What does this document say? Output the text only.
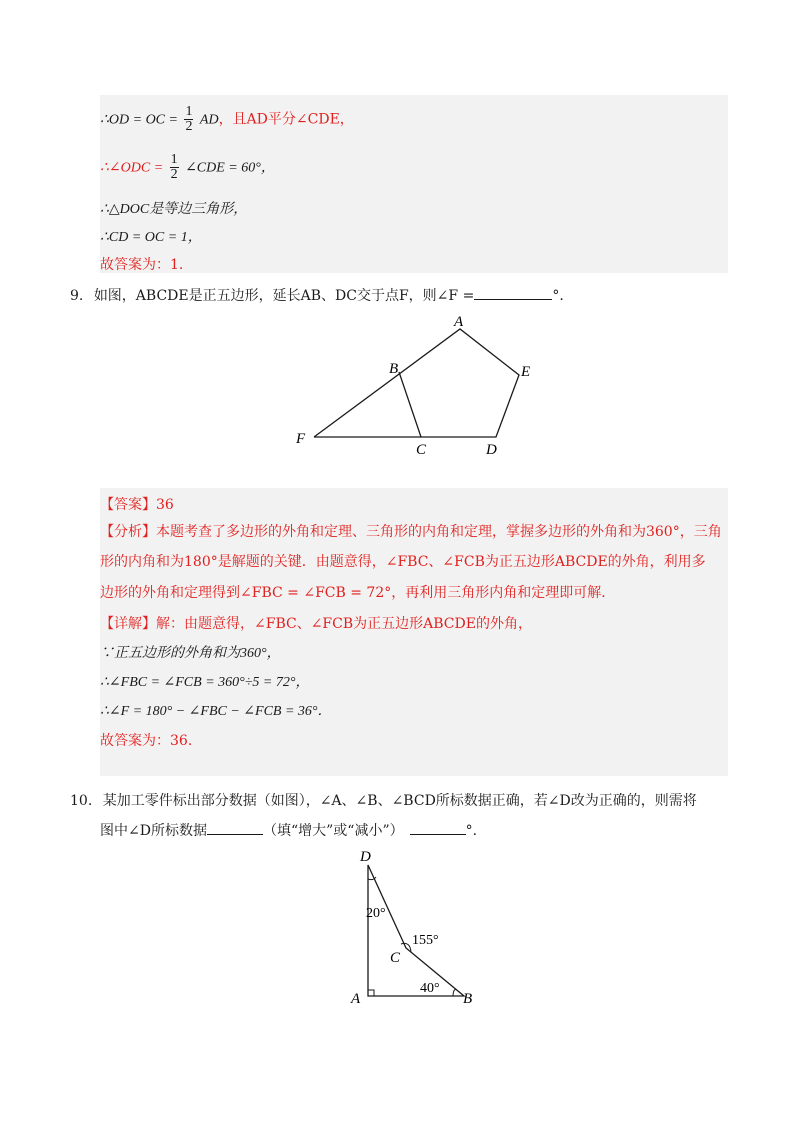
∴OD = OC = $\frac{1}{2}$ AD，且AD平分∠CDE，
∴∠ODC = $\frac{1}{2}$ ∠CDE = 60°，
∴△DOC是等边三角形，
∴CD = OC = 1，
故答案为：1.
9. 如图，ABCDE是正五边形，延长AB、DC交于点F，则∠F =	°.
A
B	E
F
C	D
【答案】36
【分析】本题考查了多边形的外角和定理、三角形的内角和定理，掌握多边形的外角和为360°，三角
形的内角和为180°是解题的关键．由题意得，∠FBC、∠FCB为正五边形ABCDE的外角，利用多
边形的外角和定理得到∠FBC = ∠FCB = 72°，再利用三角形内角和定理即可解．
【详解】解：由题意得，∠FBC、∠FCB为正五边形ABCDE的外角，
∵正五边形的外角和为360°，
∴∠FBC = ∠FCB = 360°÷5 = 72°，
∴∠F = 180° − ∠FBC − ∠FCB = 36°．
故答案为：36.
10. 某加工零件标出部分数据（如图），∠A、∠B、∠BCD所标数据正确，若∠D改为正确的，则需将
图中∠D所标数据	（填“增大”或“减小”）	°.
D
20°
155°
C
40°
A	B
